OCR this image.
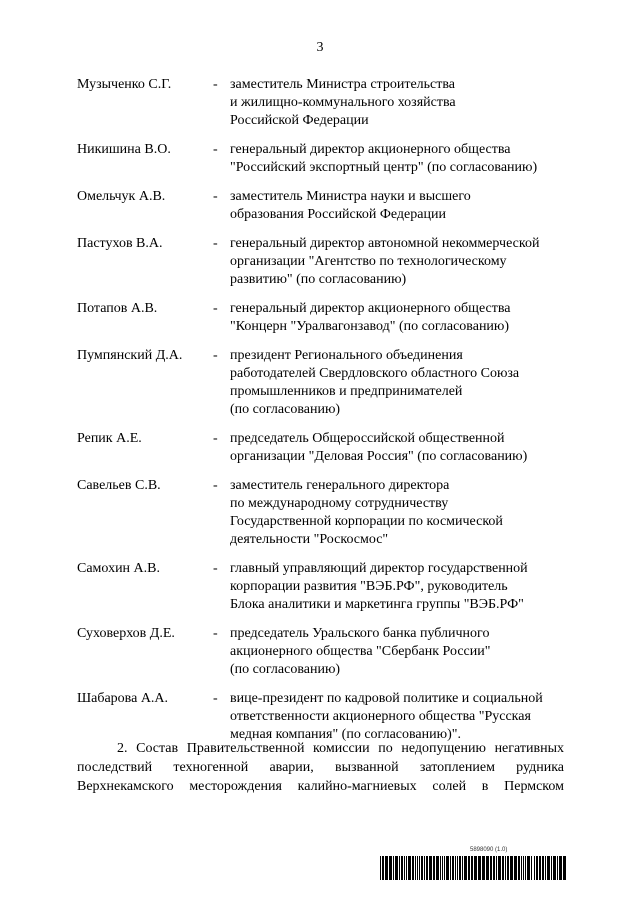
3
Музыченко С.Г.	- заместитель Министра строительства
и жилищно-коммунального хозяйства
Российской Федерации
Никишина В.О.	- генеральный директор акционерного общества
"Российский экспортный центр" (по согласованию)
Омельчук А.В.	- заместитель Министра науки и высшего
образования Российской Федерации
Пастухов В.А.	- генеральный директор автономной некоммерческой
организации "Агентство по технологическому
развитию" (по согласованию)
Потапов А.В.	- генеральный директор акционерного общества
"Концерн "Уралвагонзавод" (по согласованию)
Пумпянский Д.А.	- президент Регионального объединения
работодателей Свердловского областного Союза
промышленников и предпринимателей
(по согласованию)
Репик А.Е.	- председатель Общероссийской общественной
организации "Деловая Россия" (по согласованию)
Савельев С.В.	- заместитель генерального директора
по международному сотрудничеству
Государственной корпорации по космической
деятельности "Роскосмос"
Самохин А.В.	- главный управляющий директор государственной
корпорации развития "ВЭБ.РФ", руководитель
Блока аналитики и маркетинга группы "ВЭБ.РФ"
Суховерхов Д.Е.	- председатель Уральского банка публичного
акционерного общества "Сбербанк России"
(по согласованию)
Шабарова А.А.	- вице-президент по кадровой политике и социальной
ответственности акционерного общества "Русская
медная компания" (по согласованию)".
2. Состав Правительственной комиссии по недопущению негативных
последствий техногенной аварии, вызванной затоплением рудника
Верхнекамского месторождения калийно-магниевых солей в Пермском
5898090 (1.0)
